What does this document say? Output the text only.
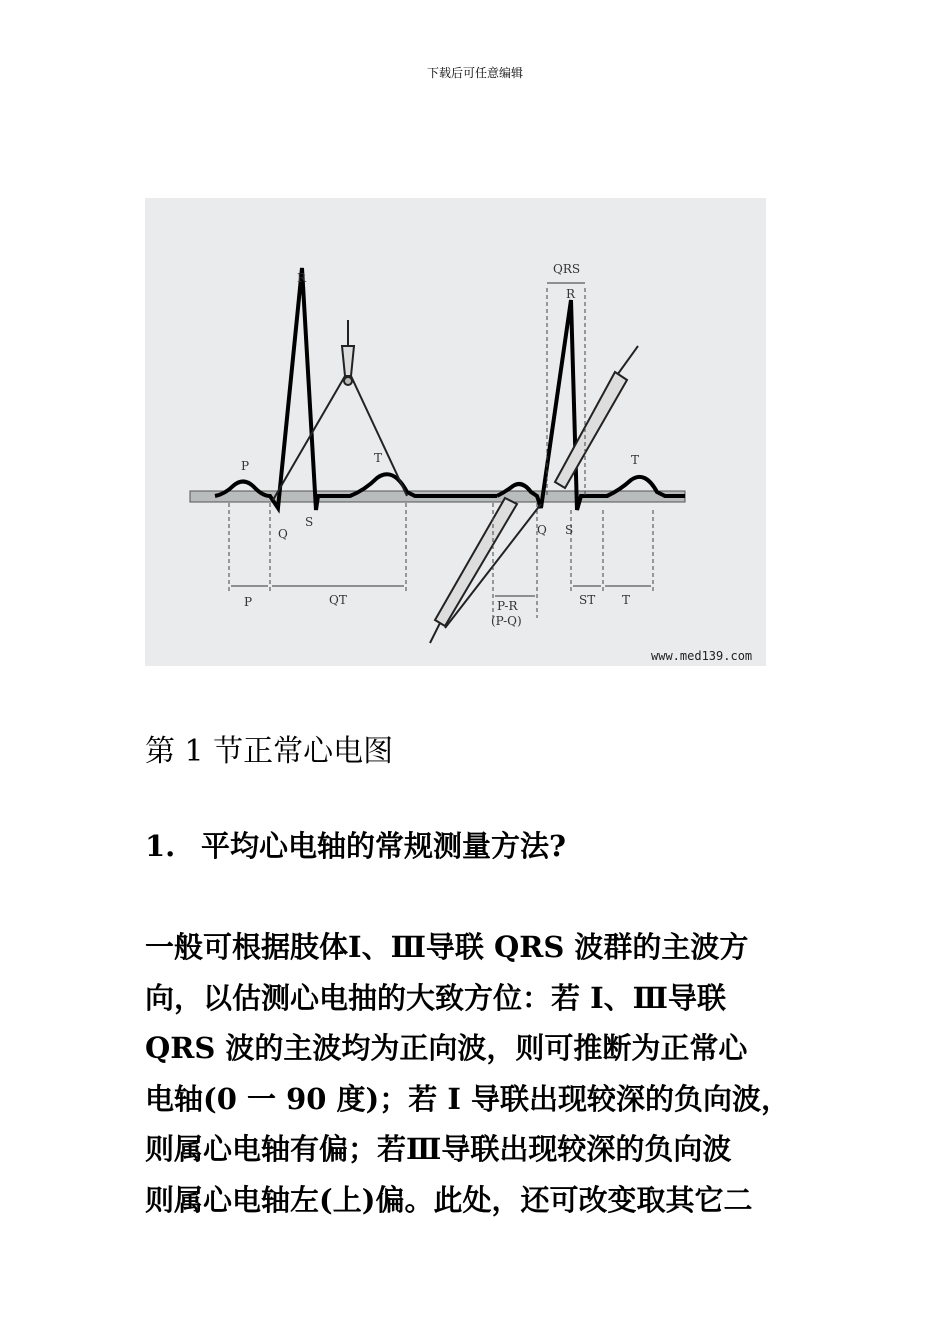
下载后可任意编辑
P
R
Q
S
T
QRS
R
Q S
T
P	QT	P-R
(P-Q)
ST T
www.med139.com
第 1 节正常心电图

1. 平均心电轴的常规测量方法?

一般可根据肢体Ⅰ、Ⅲ导联 QRS 波群的主波方
向，以估测心电抽的大致方位：若 I、Ⅲ导联
QRS 波的主波均为正向波，则可推断为正常心
电轴(0 一 90 度)；若 I 导联出现较深的负向波，
则属心电轴有偏；若Ⅲ导联出现较深的负向波
则属心电轴左(上)偏。此处，还可改变取其它二
